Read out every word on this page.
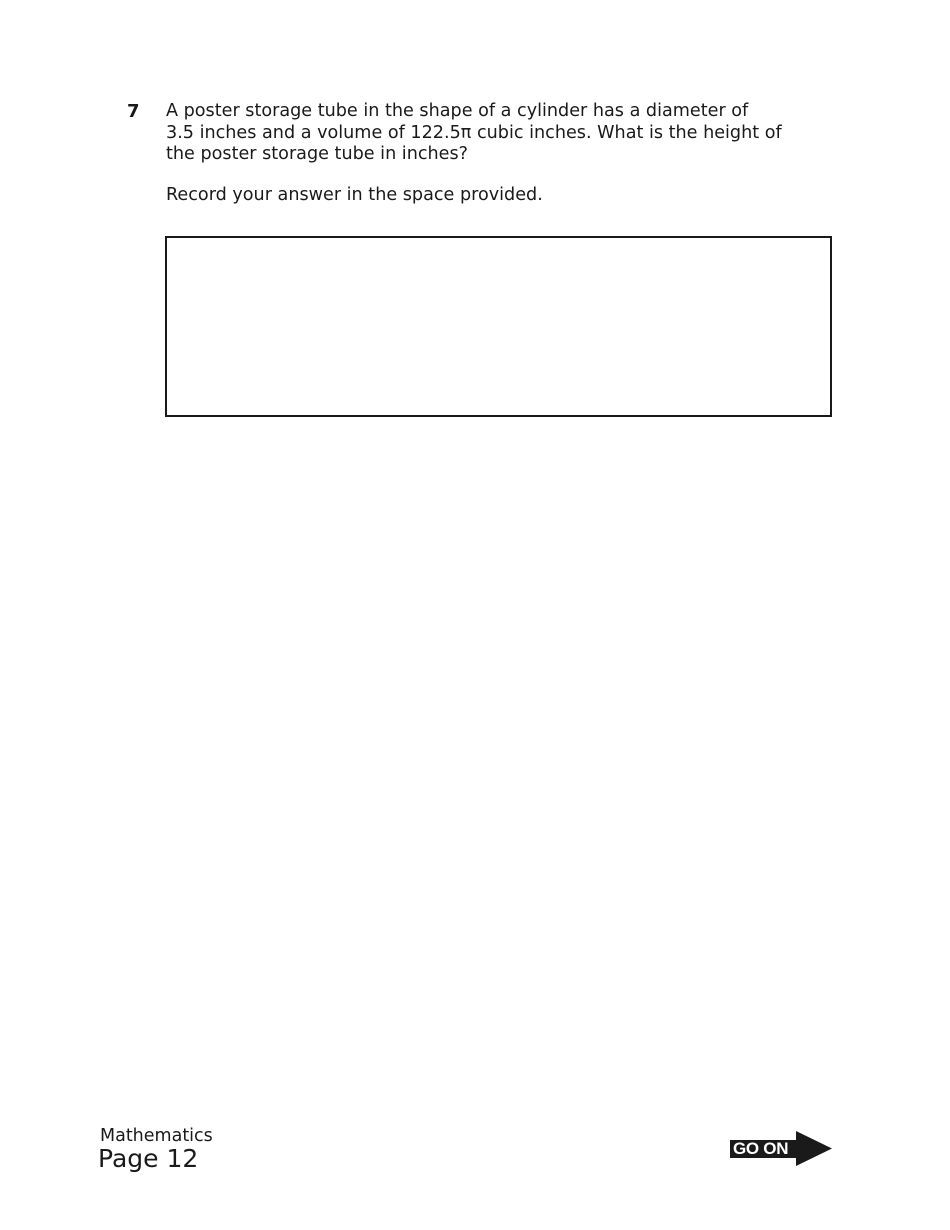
7 A poster storage tube in the shape of a cylinder has a diameter of

3.5 inches and a volume of 122.5π cubic inches. What is the height of

the poster storage tube in inches?

Record your answer in the space provided.
Mathematics
Page 12	GO ON
